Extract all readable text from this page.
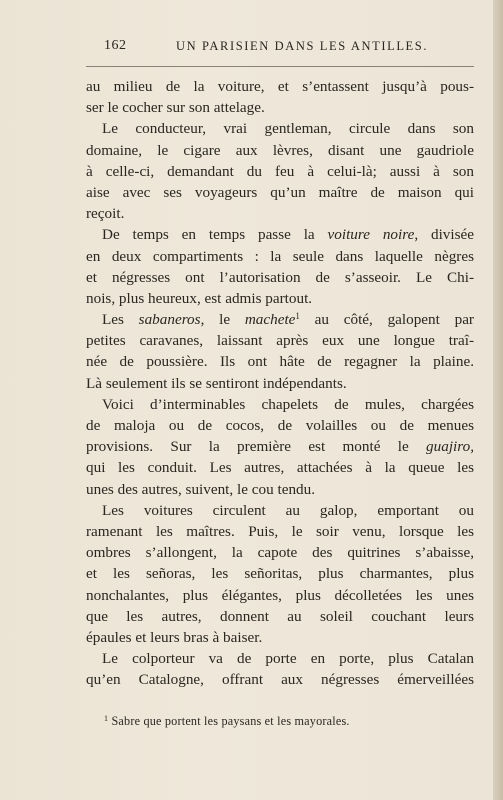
162	UN PARISIEN DANS LES ANTILLES.

au milieu de la voiture, et s’entassent jusqu’à pous-
ser le cocher sur son attelage.

Le conducteur, vrai gentleman, circule dans son
domaine, le cigare aux lèvres, disant une gaudriole
à celle-ci, demandant du feu à celui-là; aussi à son
aise avec ses voyageurs qu’un maître de maison qui
reçoit.

De temps en temps passe la voiture noire, divisée
en deux compartiments : la seule dans laquelle nègres
et négresses ont l’autorisation de s’asseoir. Le Chi-
nois, plus heureux, est admis partout.

Les sabaneros, le machete$^1$ au côté, galopent par
petites caravanes, laissant après eux une longue traî-
née de poussière. Ils ont hâte de regagner la plaine.
Là seulement ils se sentiront indépendants.

Voici d’interminables chapelets de mules, chargées
de maloja ou de cocos, de volailles ou de menues
provisions. Sur la première est monté le guajiro,
qui les conduit. Les autres, attachées à la queue les
unes des autres, suivent, le cou tendu.

Les voitures circulent au galop, emportant ou
ramenant les maîtres. Puis, le soir venu, lorsque les
ombres s’allongent, la capote des quitrines s’abaisse,
et les señoras, les señoritas, plus charmantes, plus
nonchalantes, plus élégantes, plus décolletées les unes
que les autres, donnent au soleil couchant leurs
épaules et leurs bras à baiser.

Le colporteur va de porte en porte, plus Catalan
qu’en Catalogne, offrant aux négresses émerveillées

$^1$ Sabre que portent les paysans et les mayorales.
